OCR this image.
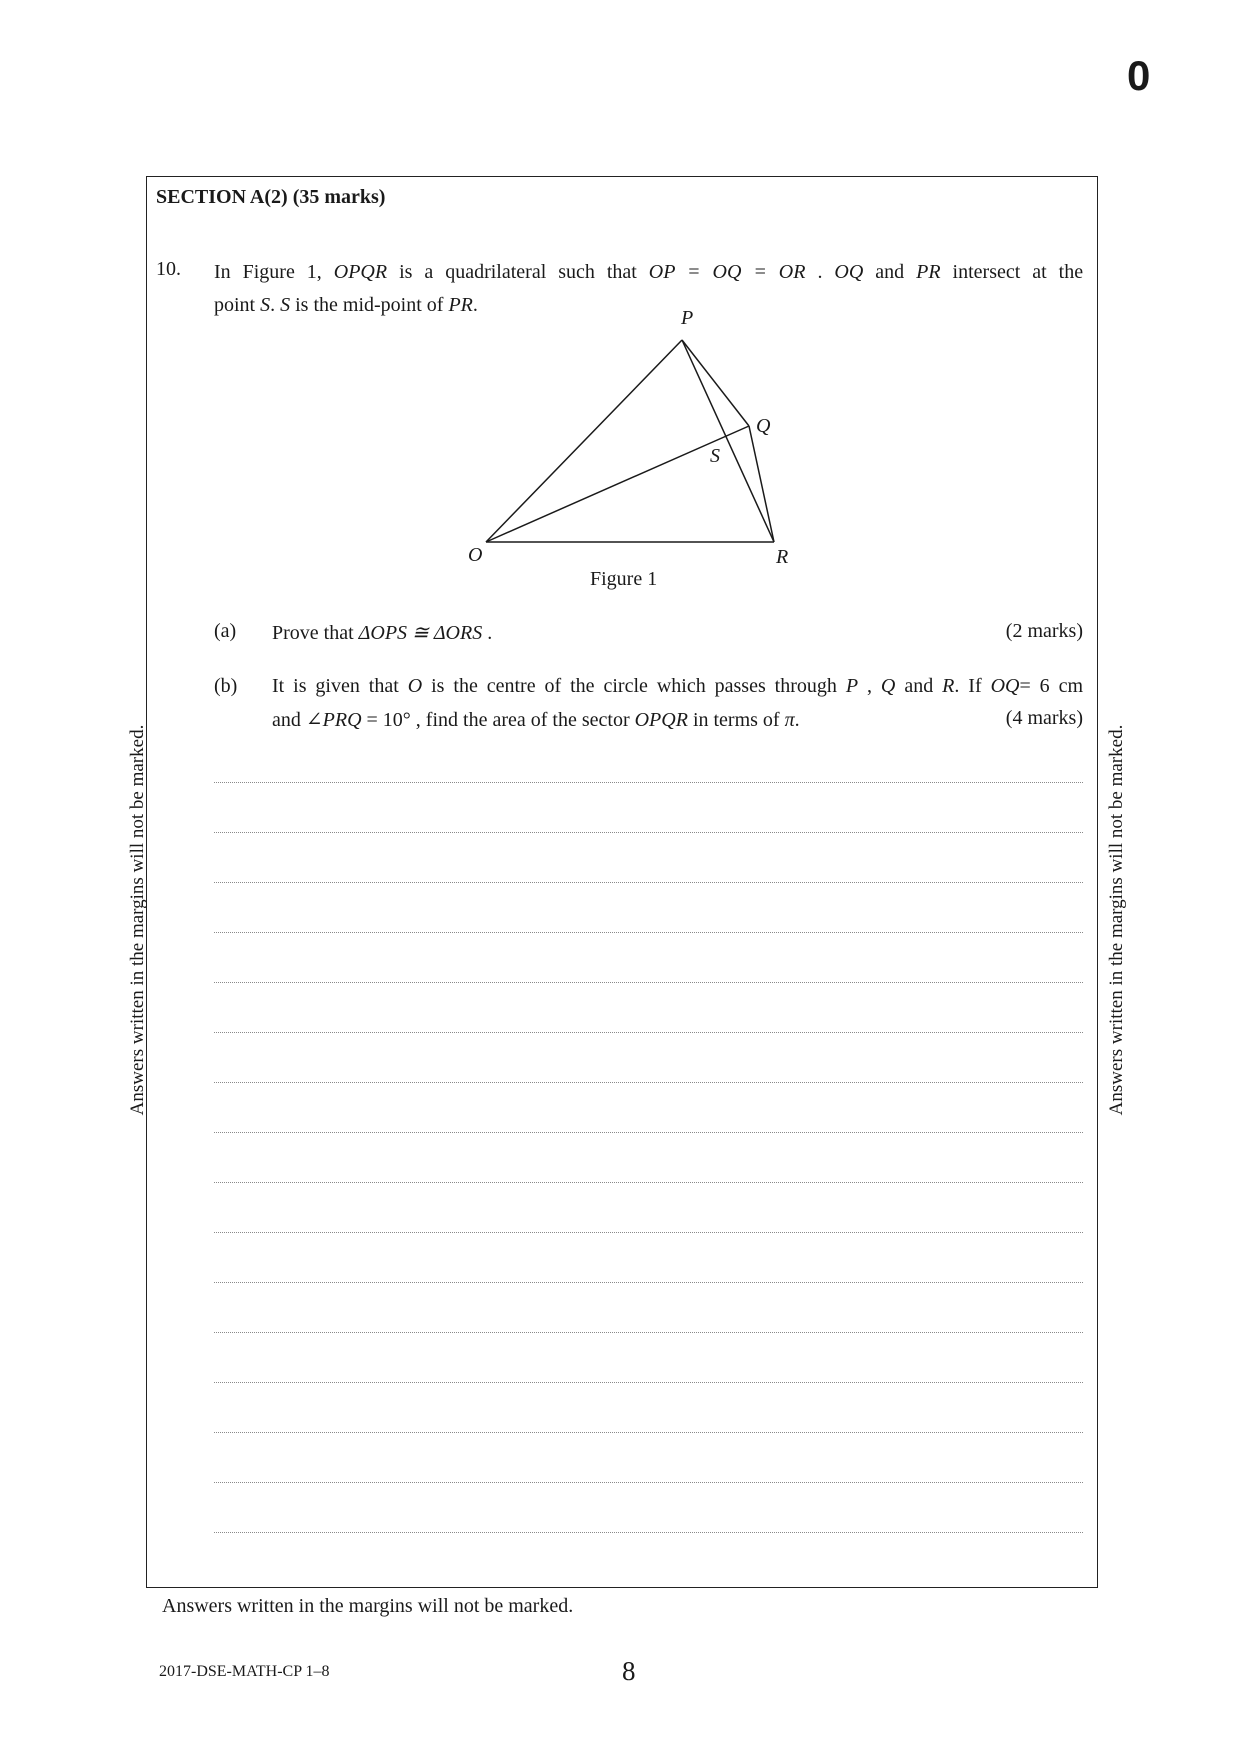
0
SECTION A(2) (35 marks)
10. In Figure 1, OPQR is a quadrilateral such that OP = OQ = OR . OQ and PR intersect at the
point S. S is the mid-point of PR.
P
Q
S
O	R
Figure 1
(a) Prove that ΔOPS ≅ ΔORS .	(2 marks)
(b) It is given that O is the centre of the circle which passes through P , Q and R. If OQ= 6 cm
and ∠PRQ = 10° , find the area of the sector OPQR in terms of π.	(4 marks)
Answers written in the margins will not be marked.	Answers written in the margins will not be marked.
Answers written in the margins will not be marked.
2017-DSE-MATH-CP 1–8	8
